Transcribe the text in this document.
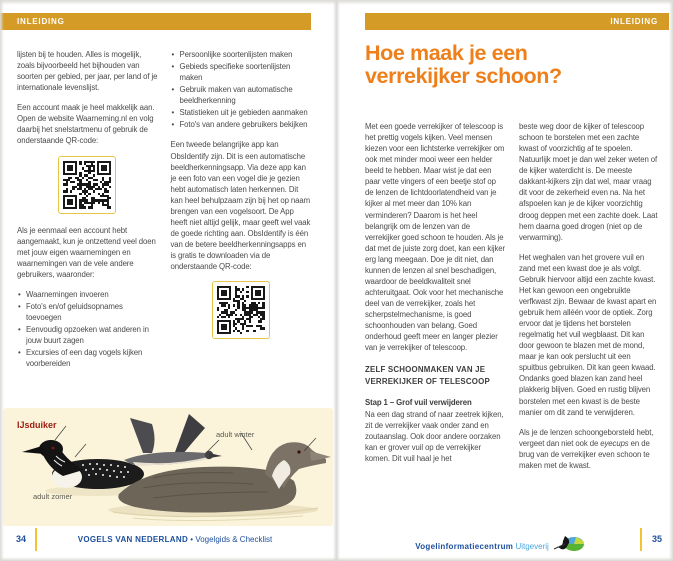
INLEIDING

lijsten bij te houden. Alles is mogelijk, zoals bijvoorbeeld het bijhouden van soorten per gebied, per jaar, per land of je internationale levenslijst.

Een account maak je heel makkelijk aan. Open de website Waarneming.nl en volg daarbij het snelstartmenu of gebruik de onderstaande QR-code:

Als je eenmaal een account hebt aangemaakt, kun je ontzettend veel doen met jouw eigen waarnemingen en waarnemingen van de vele andere gebruikers, waaronder:

• Waarnemingen invoeren
• Foto's en/of geluidsopnames toevoegen
• Eenvoudig opzoeken wat anderen in jouw buurt zagen
• Excursies of een dag vogels kijken voorbereiden
• Persoonlijke soortenlijsten maken
• Gebieds specifieke soortenlijsten maken
• Gebruik maken van automatische beeldherkenning
• Statistieken uit je gebieden aanmaken
• Foto's van andere gebruikers bekijken

Een tweede belangrijke app kan ObsIdentify zijn. Dit is een automatische beeldherkenningsapp. Via deze app kan je een foto van een vogel die je gezien hebt automatisch laten herkennen. Dit kan heel behulpzaam zijn bij het op naam brengen van een vogelsoort. De App heeft niet altijd gelijk, maar geeft wel vaak de goede richting aan. ObsIdentify is één van de betere beeldherkenningsapps en is gratis te downloaden via de onderstaande QR-code:

IJsduiker
adult winter
adult zomer
34	VOGELS VAN NEDERLAND • Vogelgids & Checklist
INLEIDING
Hoe maak je een
verrekijker schoon?

Met een goede verrekijker of telescoop is het prettig vogels kijken. Veel mensen kiezen voor een lichtsterke verrekijker om ook met minder mooi weer een helder beeld te hebben. Maar wist je dat een paar vette vingers of een beetje stof op de lenzen de lichtdoorlatendheid van je kijker al met meer dan 10% kan verminderen? Daarom is het heel belangrijk om de lenzen van de verrekijker goed schoon te houden. Als je dat met de juiste zorg doet, kan een kijker erg lang meegaan. Doe je dit niet, dan kunnen de lenzen al snel beschadigen, waardoor de beeldkwaliteit snel achteruitgaat. Ook voor het mechanische deel van de verrekijker, zoals het scherpstelmechanisme, is goed schoonhouden van belang. Goed onderhoud geeft meer en langer plezier van je verrekijker of telescoop.

ZELF SCHOONMAKEN VAN JE VERREKIJKER OF TELESCOOP
Stap 1 – Grof vuil verwijderen

Na een dag strand of naar zeetrek kijken, zit de verrekijker vaak onder zand en zoutaanslag. Ook door andere oorzaken kan er grover vuil op de verrekijker komen. Dit vuil haal je het

beste weg door de kijker of telescoop schoon te borstelen met een zachte kwast of voorzichtig af te spoelen. Natuurlijk moet je dan wel zeker weten of de kijker waterdicht is. De meeste dakkant-kijkers zijn dat wel, maar vraag dit voor de zekerheid even na. Na het afspoelen kan je de kijker voorzichtig droog deppen met een zachte doek. Laat hem daarna goed drogen (niet op de verwarming).

Het weghalen van het grovere vuil en zand met een kwast doe je als volgt. Gebruik hiervoor altijd een zachte kwast. Het kan gewoon een ongebruikte verfkwast zijn. Bewaar de kwast apart en gebruik hem alléén voor de optiek. Zorg ervoor dat je tijdens het borstelen regelmatig het vuil wegblaast. Dit kan door gewoon te blazen met de mond, maar je kan ook perslucht uit een spuitbus gebruiken. Dit kan geen kwaad. Ondanks goed blazen kan zand heel plakkerig blijven. Goed en rustig blijven borstelen met een kwast is de beste manier om dit zand te verwijderen.

Als je de lenzen schoongeborsteld hebt, vergeet dan niet ook de eyecups en de brug van de verrekijker even schoon te maken met de kwast.

Vogelinformatiecentrum Uitgeverij
35
